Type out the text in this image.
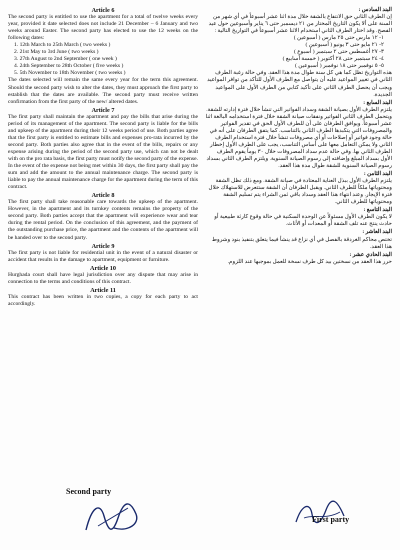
Article 6

The second party is entitled to use the apartment for a total of twelve weeks every year, provided it date selected does not include 21 December – 6 January and two weeks around Easter. The second party has elected to use the 12 weeks on the following dates:

1. 12th March to 25th March ( two weeks )
2. 21st May to 3rd June ( two weeks )
3. 27th August to 2nd September ( one week )
4. 24th September to 28th October ( five weeks )
5. 5th November to 18th November ( two weeks )

The dates selected will remain the same every year for the term this agreement. Should the second party wish to alter the dates, they must approach the first party to establish that the dates are available. The second party must receive written confirmation from the first party of the new/ altered dates.

Article 7

The first party shall maintain the apartment and pay the bills that arise during the period of its management of the apartment. The second party is liable for the bills and upkeep of the apartment during their 12 weeks period of use. Both parties agree that the first party is entitled to estimate bills and expenses pro-rata incurred by the second party. Both parties also agree that in the event of the bills, repairs or any expense arising during the period of the second party use, which can not be dealt with on the pro rata basis, the first party must notify the second party of the expense. In the event of the expense not being met within 30 days, the first party shall pay the sum and add the amount to the annual maintenance charge. The second party is liable to pay the annual maintenance charge for the apartment during the term of this contract.

Article 8

The first party shall take reasonable care towards the upkeep of the apartment. However, in the apartment and its turnkey contents remains the property of the second party. Both parties accept that the apartment will experience wear and tear during the rental period. On the conclusion of this agreement, and the payment of the outstanding purchase price, the apartment and the contents of the apartment will be handed over to the second party.

Article 9

The first party is not liable for residential unit in the event of a natural disaster or accident that results in the damage to apartment, equipment or furniture.

Article 10

Hurghada court shall have legal jurisdiction over any dispute that may arise in connection to the terms and conditions of this contract.

Article 11

This contract has been written in two copies, a copy for each party to act accordingly.

البند السادس :

إن الطرف الثاني حق الانتفاع بالشقة خلال مدة اثنا عشر أسبوعاً في أي شهر من السنة على ألا يكون التاريخ المختار من ٢١ ديسمبر حتى ٦ يناير وأسبوعين حول عيد الفصح. وقد اختار الطرف الثاني استخدام الاثنا عشر أسبوعاً في التواريخ التالية :

١- ١٢ مارس حتى ٢٥ مارس ( أسبوعين )
٢- ٢١ مايو حتى ٣ يونيو ( أسبوعين )
٣- ٢٧ أغسطس حتى ٢ سبتمبر ( أسبوع )
٤- ٢٤ سبتمبر حتى ٢٨ أكتوبر ( خمسة أسابيع )
٥- ٥ نوفمبر حتى ١٨ نوفمبر ( أسبوعين )

هذه التواريخ تظل كما هي كل سنة طوال مدة هذا العقد. وفي حالة رغبة الطرف الثاني في تغيير المواعيد عليه أن يتواصل مع الطرف الأول للتأكد من توافر المواعيد ويجب أن يحصل الطرف الثاني على تأكيد كتابي من الطرف الأول على المواعيد الجديدة.

البند السابع :

يلتزم الطرف الأول بصيانة الشقة وسداد الفواتير التي تنشأ خلال فترة إدارته للشقة. ويتحمل الطرف الثاني الفواتير ونفقات صيانة الشقة خلال فترة استخدامه البالغة اثنا عشر أسبوعاً. ويوافق الطرفان على أن للطرف الأول الحق في تقدير الفواتير والمصروفات التي يتكبدها الطرف الثاني بالتناسب. كما يتفق الطرفان على أنه في حالة وجود فواتير أو إصلاحات أو أي مصروفات تنشأ خلال فترة استخدام الطرف الثاني ولا يمكن التعامل معها على أساس التناسب، يجب على الطرف الأول إخطار الطرف الثاني بها. وفي حالة عدم سداد المصروفات خلال ٣٠ يوماً يقوم الطرف الأول بسداد المبلغ وإضافته إلى رسوم الصيانة السنوية. ويلتزم الطرف الثاني بسداد رسوم الصيانة السنوية للشقة طوال مدة هذا العقد.

البند الثامن :

يلتزم الطرف الأول ببذل العناية المعتادة في صيانة الشقة. ومع ذلك تظل الشقة ومحتوياتها ملكاً للطرف الثاني. ويقبل الطرفان أن الشقة ستتعرض للاستهلاك خلال فترة الإيجار. وعند انتهاء هذا العقد وسداد باقي ثمن الشراء يتم تسليم الشقة ومحتوياتها للطرف الثاني.

البند التاسع :

لا يكون الطرف الأول مسئولاً عن الوحدة السكنية في حالة وقوع كارثة طبيعية أو حادث ينتج عنه تلف الشقة أو المعدات أو الأثاث.

البند العاشر :

تختص محاكم الغردقة بالفصل في أي نزاع قد ينشأ فيما يتعلق بتنفيذ بنود وشروط هذا العقد.

البند الحادي عشر :

حرر هذا العقد من نسختين بيد كل طرف نسخة للعمل بموجبها عند اللزوم.

Second party
First party
